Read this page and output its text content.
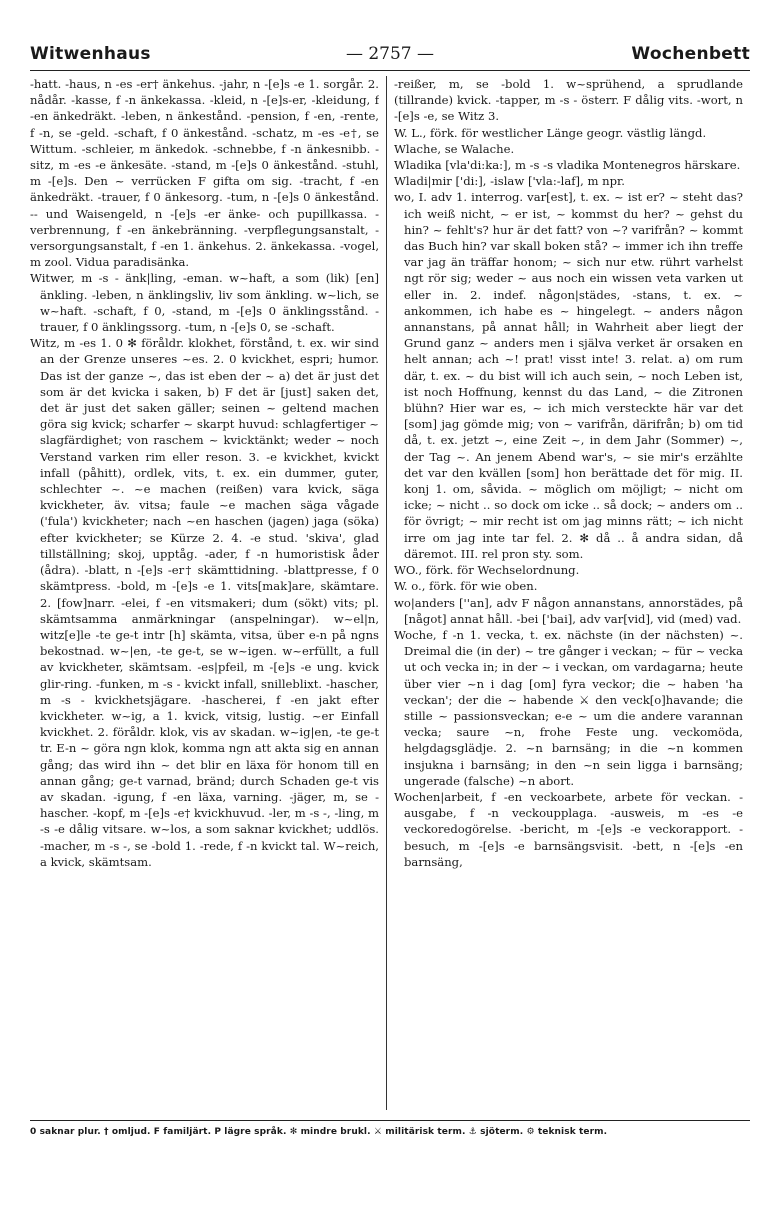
Witwenhaus	— 2757 —	Wochenbett

-hatt. -haus, n -es -er† änkehus. -jahr, n -[e]s -e 1. sorgår. 2. nådår. -kasse, f -n änkekassa. -kleid, n -[e]s-er, -kleidung, f -en änkedräkt. -leben, n änkestånd. -pension, f -en, -rente, f -n, se -geld. -schaft, f 0 änkestånd. -schatz, m -es -e†, se Wittum. -schleier, m änkedok. -schnebbe, f -n änkesnibb. -sitz, m -es -e änkesäte. -stand, m -[e]s 0 änkestånd. -stuhl, m -[e]s. Den ~ verrücken F gifta om sig. -tracht, f -en änkedräkt. -trauer, f 0 änkesorg. -tum, n -[e]s 0 änkestånd. -- und Waisengeld, n -[e]s -er änke- och pupillkassa. -verbrennung, f -en änkebränning. -verpflegungsanstalt, -versorgungsanstalt, f -en 1. änkehus. 2. änkekassa. -vogel, m zool. Vidua paradisänka.

Witwer, m -s - änk|ling, -eman. w~haft, a som (lik) [en] änkling. -leben, n änklingsliv, liv som änkling. w~lich, se w~haft. -schaft, f 0, -stand, m -[e]s 0 änklingsstånd. -trauer, f 0 änklingssorg. -tum, n -[e]s 0, se -schaft.

Witz, m -es 1. 0 ✻ föråldr. klokhet, förstånd, t. ex. wir sind an der Grenze unseres ~es. 2. 0 kvickhet, espri; humor. Das ist der ganze ~, das ist eben der ~ a) det är just det som är det kvicka i saken, b) F det är [just] saken det, det är just det saken gäller; seinen ~ geltend machen göra sig kvick; scharfer ~ skarpt huvud: schlagfertiger ~ slagfärdighet; von raschem ~ kvicktänkt; weder ~ noch Verstand varken rim eller reson. 3. -e kvickhet, kvickt infall (påhitt), ordlek, vits, t. ex. ein dummer, guter, schlechter ~. ~e machen (reißen) vara kvick, säga kvickheter, äv. vitsa; faule ~e machen säga vågade ('fula') kvickheter; nach ~en haschen (jagen) jaga (söka) efter kvickheter; se Kürze 2. 4. -e stud. 'skiva', glad tillställning; skoj, upptåg. -ader, f -n humoristisk åder (ådra). -blatt, n -[e]s -er† skämttidning. -blattpresse, f 0 skämtpress. -bold, m -[e]s -e 1. vits[mak]are, skämtare. 2. [fow]narr. -elei, f -en vitsmakeri; dum (sökt) vits; pl. skämtsamma anmärkningar (anspelningar). w~el|n, witz[e]le -te ge-t intr [h] skämta, vitsa, über e-n på ngns bekostnad. w~|en, -te ge-t, se w~igen. w~erfüllt, a full av kvickheter, skämtsam. -es|pfeil, m -[e]s -e ung. kvick glir-ring. -funken, m -s - kvickt infall, snilleblixt. -hascher, m -s - kvickhetsjägare. -hascherei, f -en jakt efter kvickheter. w~ig, a 1. kvick, vitsig, lustig. ~er Einfall kvickhet. 2. föråldr. klok, vis av skadan. w~ig|en, -te ge-t tr. E-n ~ göra ngn klok, komma ngn att akta sig en annan gång; das wird ihn ~ det blir en läxa för honom till en annan gång; ge-t varnad, bränd; durch Schaden ge-t vis av skadan. -igung, f -en läxa, varning. -jäger, m, se -hascher. -kopf, m -[e]s -e† kvickhuvud. -ler, m -s -, -ling, m -s -e dålig vitsare. w~los, a som saknar kvickhet; uddlös. -macher, m -s -, se -bold 1. -rede, f -n kvickt tal. W~reich, a kvick, skämtsam.

-reißer, m, se -bold 1. w~sprühend, a sprudlande (tillrande) kvick. -tapper, m -s - österr. F dålig vits. -wort, n -[e]s -e, se Witz 3.

W. L., förk. för westlicher Länge geogr. västlig längd.

Wlache, se Walache.

Wladika [vla'di:ka:], m -s -s vladika Montenegros härskare.

Wladi|mir ['di:], -islaw ['vla:-laf], m npr.

wo, I. adv 1. interrog. var[est], t. ex. ~ ist er? ~ steht das? ich weiß nicht, ~ er ist, ~ kommst du her? ~ gehst du hin? ~ fehlt's? hur är det fatt? von ~? varifrån? ~ kommt das Buch hin? var skall boken stå? ~ immer ich ihn treffe var jag än träffar honom; ~ sich nur etw. rührt varhelst ngt rör sig; weder ~ aus noch ein wissen veta varken ut eller in. 2. indef. någon|städes, -stans, t. ex. ~ ankommen, ich habe es ~ hingelegt. ~ anders någon annanstans, på annat håll; in Wahrheit aber liegt der Grund ganz ~ anders men i själva verket är orsaken en helt annan; ach ~! prat! visst inte! 3. relat. a) om rum där, t. ex. ~ du bist will ich auch sein, ~ noch Leben ist, ist noch Hoffnung, kennst du das Land, ~ die Zitronen blühn? Hier war es, ~ ich mich versteckte här var det [som] jag gömde mig; von ~ varifrån, därifrån; b) om tid då, t. ex. jetzt ~, eine Zeit ~, in dem Jahr (Sommer) ~, der Tag ~. An jenem Abend war's, ~ sie mir's erzählte det var den kvällen [som] hon berättade det för mig. II. konj 1. om, såvida. ~ möglich om möjligt; ~ nicht om icke; ~ nicht .. so dock om icke .. så dock; ~ anders om .. för övrigt; ~ mir recht ist om jag minns rätt; ~ ich nicht irre om jag inte tar fel. 2. ✻ då .. å andra sidan, då däremot. III. rel pron sty. som.

WO., förk. för Wechselordnung.

W. o., förk. för wie oben.

wo|anders [''an], adv F någon annanstans, annorstädes, på [något] annat håll. -bei ['bai], adv var[vid], vid (med) vad.

Woche, f -n 1. vecka, t. ex. nächste (in der nächsten) ~. Dreimal die (in der) ~ tre gånger i veckan; ~ für ~ vecka ut och vecka in; in der ~ i veckan, om vardagarna; heute über vier ~n i dag [om] fyra veckor; die ~ haben 'ha veckan'; der die ~ habende ⚔ den veck[o]havande; die stille ~ passionsveckan; e-e ~ um die andere varannan vecka; saure ~n, frohe Feste ung. veckomöda, helgdagsglädje. 2. ~n barnsäng; in die ~n kommen insjukna i barnsäng; in den ~n sein ligga i barnsäng; ungerade (falsche) ~n abort.

Wochen|arbeit, f -en veckoarbete, arbete för veckan. -ausgabe, f -n veckoupplaga. -ausweis, m -es -e veckoredogörelse. -bericht, m -[e]s -e veckorapport. -besuch, m -[e]s -e barnsängsvisit. -bett, n -[e]s -en barnsäng,

0 saknar plur. † omljud. F familjärt. P lägre språk. ✻ mindre brukl. ⚔ militärisk term. ⚓ sjöterm. ⚙ teknisk term.
